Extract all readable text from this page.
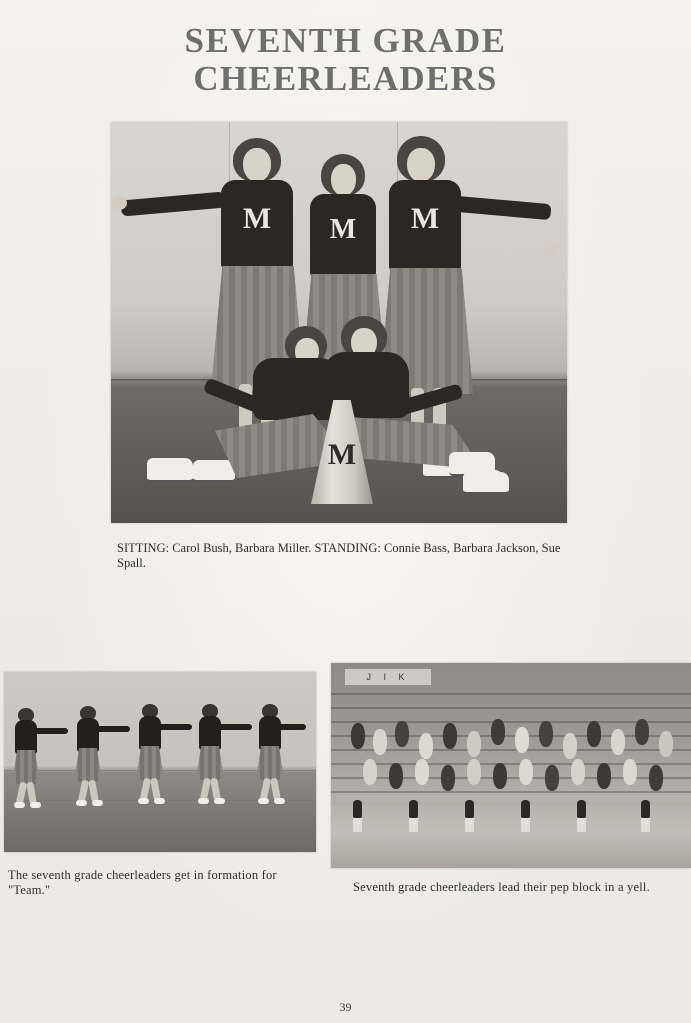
SEVENTH GRADE
CHEERLEADERS
M M M
M
SITTING: Carol Bush, Barbara Miller. STANDING: Connie Bass, Barbara Jackson, Sue Spall.
The seventh grade cheerleaders get in formation for "Team."
J I K
Seventh grade cheerleaders lead their pep block in a yell.
39
